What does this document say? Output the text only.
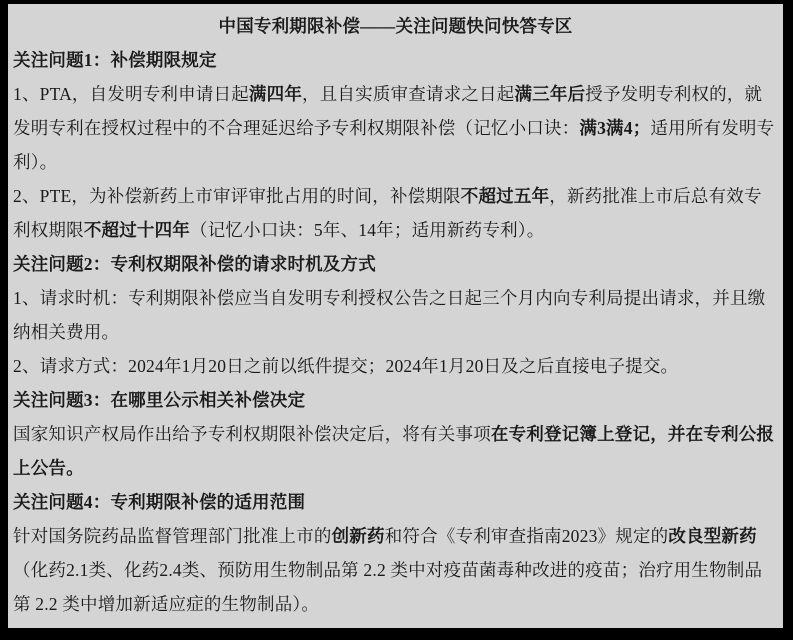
中国专利期限补偿——关注问题快问快答专区
关注问题1：补偿期限规定
1、PTA，自发明专利申请日起满四年，且自实质审查请求之日起满三年后授予发明专利权的，就发明专利在授权过程中的不合理延迟给予专利权期限补偿（记忆小口诀：满3满4；适用所有发明专利）。
2、PTE，为补偿新药上市审评审批占用的时间，补偿期限不超过五年，新药批准上市后总有效专利权期限不超过十四年（记忆小口诀：5年、14年；适用新药专利）。
关注问题2：专利权期限补偿的请求时机及方式
1、请求时机：专利期限补偿应当自发明专利授权公告之日起三个月内向专利局提出请求，并且缴纳相关费用。
2、请求方式：2024年1月20日之前以纸件提交；2024年1月20日及之后直接电子提交。
关注问题3：在哪里公示相关补偿决定
国家知识产权局作出给予专利权期限补偿决定后，将有关事项在专利登记簿上登记，并在专利公报上公告。
关注问题4：专利期限补偿的适用范围
针对国务院药品监督管理部门批准上市的创新药和符合《专利审查指南2023》规定的改良型新药（化药2.1类、化药2.4类、预防用生物制品第 2.2 类中对疫苗菌毒种改进的疫苗；治疗用生物制品第 2.2 类中增加新适应症的生物制品）。
